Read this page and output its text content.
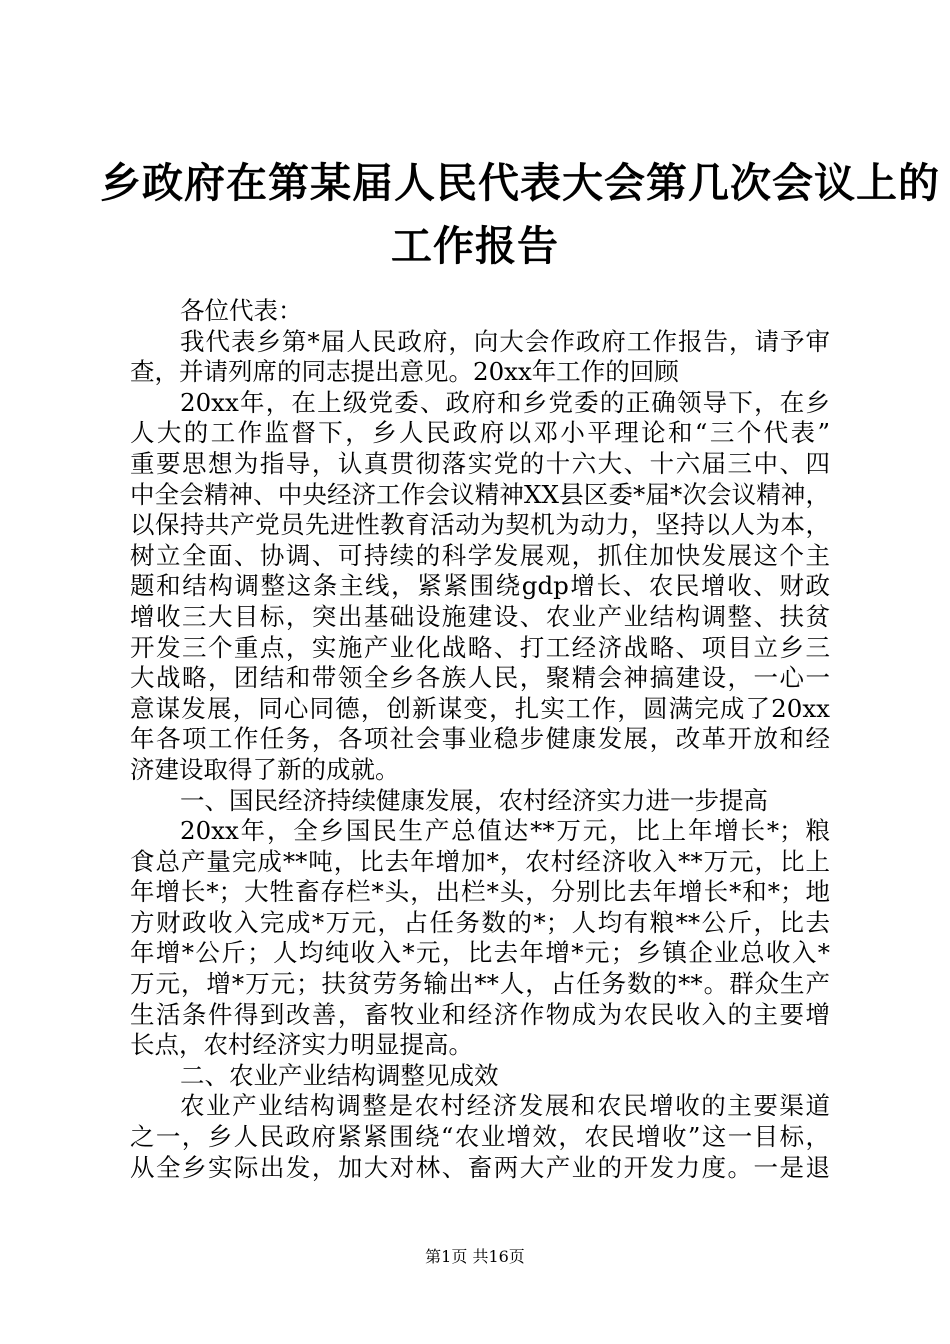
乡政府在第某届人民代表大会第几次会议上的
工作报告
各位代表：
我代表乡第*届人民政府，向大会作政府工作报告，请予审
查，并请列席的同志提出意见。20xx年工作的回顾
20xx年，在上级党委、政府和乡党委的正确领导下，在乡
人大的工作监督下，乡人民政府以邓小平理论和“三个代表”
重要思想为指导，认真贯彻落实党的十六大、十六届三中、四
中全会精神、中央经济工作会议精神XX县区委*届*次会议精神，
以保持共产党员先进性教育活动为契机为动力，坚持以人为本，
树立全面、协调、可持续的科学发展观，抓住加快发展这个主
题和结构调整这条主线，紧紧围绕gdp增长、农民增收、财政
增收三大目标，突出基础设施建设、农业产业结构调整、扶贫
开发三个重点，实施产业化战略、打工经济战略、项目立乡三
大战略，团结和带领全乡各族人民，聚精会神搞建设，一心一
意谋发展，同心同德，创新谋变，扎实工作，圆满完成了20xx
年各项工作任务，各项社会事业稳步健康发展，改革开放和经
济建设取得了新的成就。
一、国民经济持续健康发展，农村经济实力进一步提高
20xx年，全乡国民生产总值达**万元，比上年增长*；粮
食总产量完成**吨，比去年增加*，农村经济收入**万元，比上
年增长*；大牲畜存栏*头，出栏*头，分别比去年增长*和*；地
方财政收入完成*万元，占任务数的*；人均有粮**公斤，比去
年增*公斤；人均纯收入*元，比去年增*元；乡镇企业总收入*
万元，增*万元；扶贫劳务输出**人，占任务数的**。群众生产
生活条件得到改善，畜牧业和经济作物成为农民收入的主要增
长点，农村经济实力明显提高。
二、农业产业结构调整见成效
农业产业结构调整是农村经济发展和农民增收的主要渠道
之一，乡人民政府紧紧围绕“农业增效，农民增收”这一目标，
从全乡实际出发，加大对林、畜两大产业的开发力度。一是退
第1页 共16页
